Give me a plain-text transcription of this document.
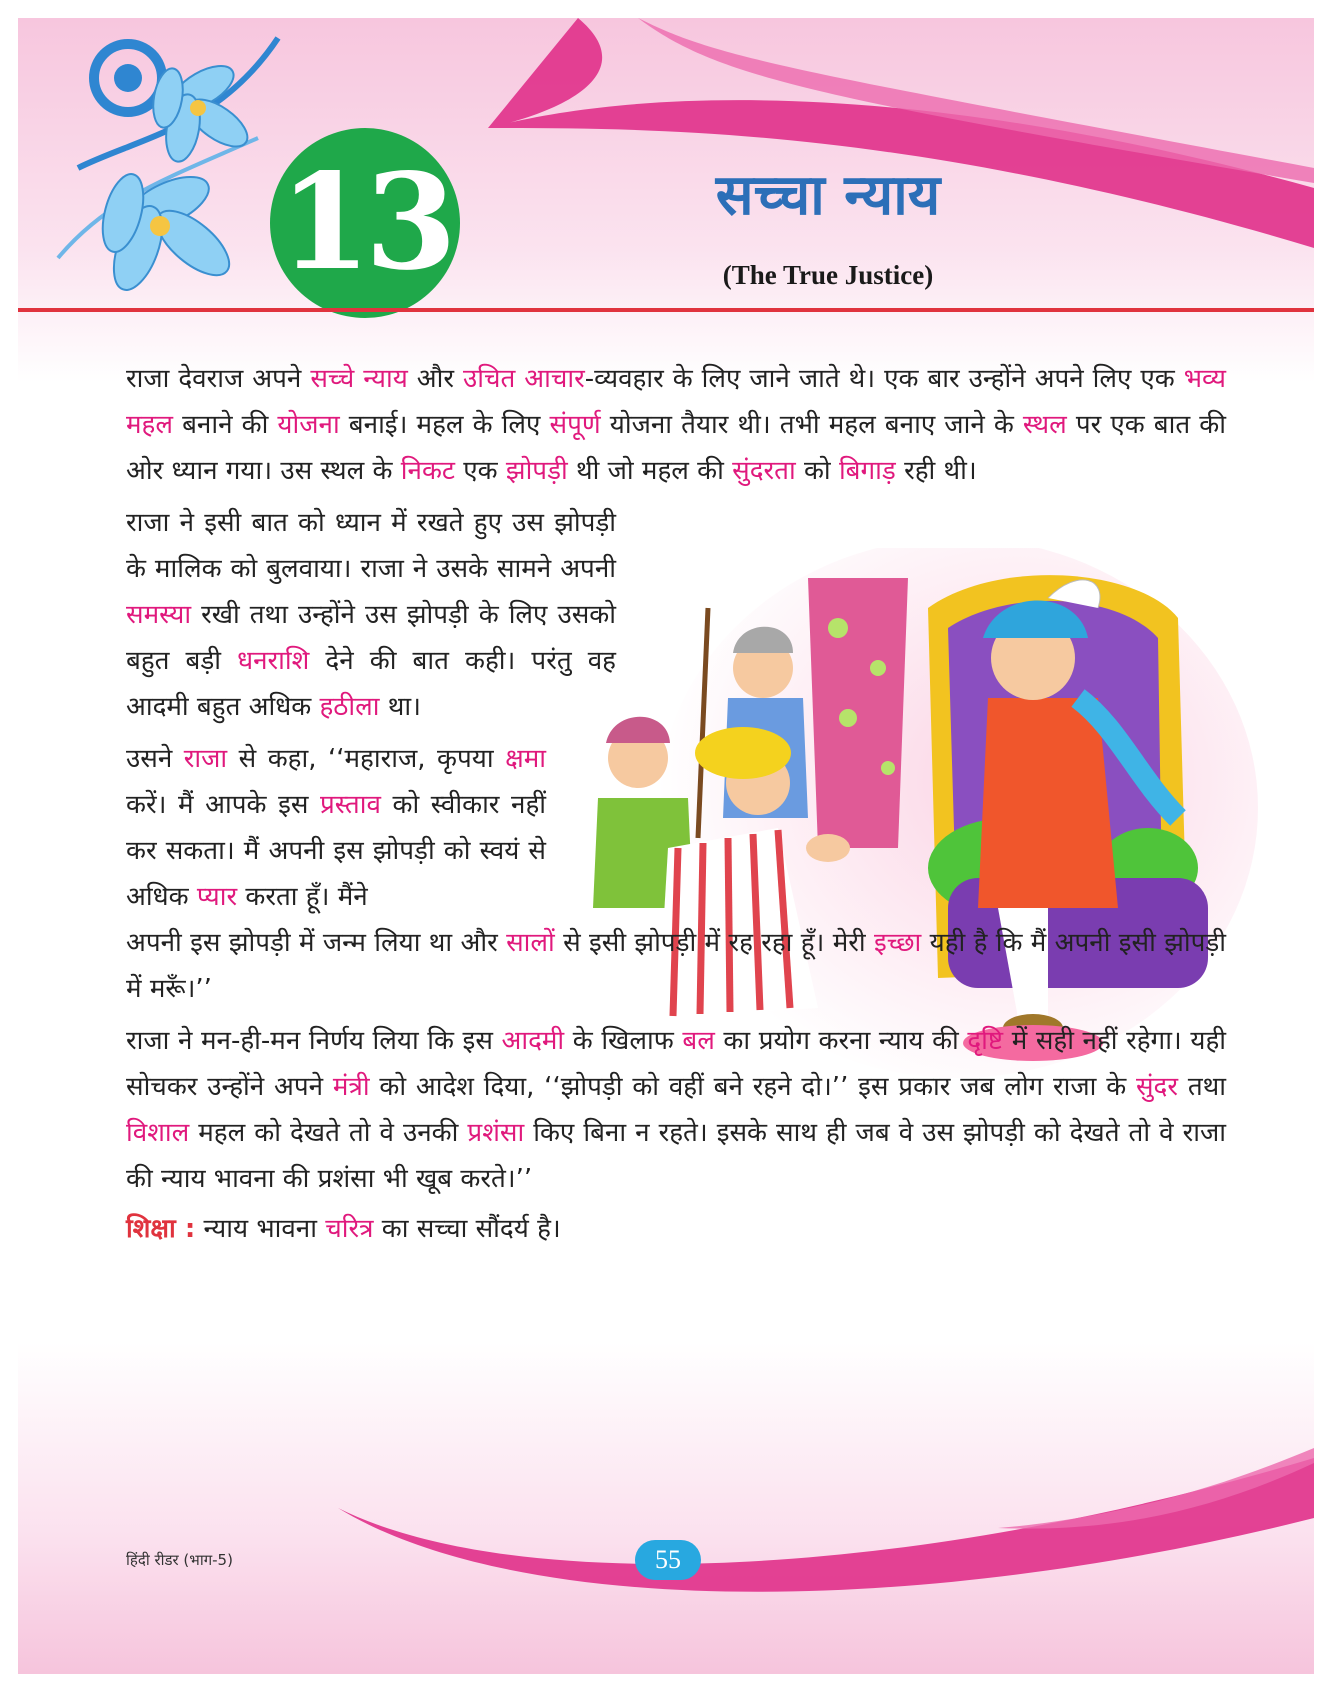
13	सच्चा न्याय
(The True Justice)

राजा देवराज अपने सच्चे न्याय और उचित आचार-व्यवहार के लिए जाने जाते थे। एक बार उन्होंने अपने लिए एक भव्य महल बनाने की योजना बनाई। महल के लिए संपूर्ण योजना तैयार थी। तभी महल बनाए जाने के स्थल पर एक बात की ओर ध्यान गया। उस स्थल के निकट एक झोपड़ी थी जो महल की सुंदरता को बिगाड़ रही थी।

राजा ने इसी बात को ध्यान में रखते हुए उस झोपड़ी के मालिक को बुलवाया। राजा ने उसके सामने अपनी समस्या रखी तथा उन्होंने उस झोपड़ी के लिए उसको बहुत बड़ी धनराशि देने की बात कही। परंतु वह आदमी बहुत अधिक हठीला था।

उसने राजा से कहा, ‘‘महाराज, कृपया क्षमा करें। मैं आपके इस प्रस्ताव को स्वीकार नहीं कर सकता। मैं अपनी इस झोपड़ी को स्वयं से अधिक प्यार करता हूँ। मैंने

अपनी इस झोपड़ी में जन्म लिया था और सालों से इसी झोपड़ी में रह रहा हूँ। मेरी इच्छा यही है कि मैं अपनी इसी झोपड़ी में मरूँ।’’

राजा ने मन-ही-मन निर्णय लिया कि इस आदमी के खिलाफ बल का प्रयोग करना न्याय की दृष्टि में सही नहीं रहेगा। यही सोचकर उन्होंने अपने मंत्री को आदेश दिया, ‘‘झोपड़ी को वहीं बने रहने दो।’’ इस प्रकार जब लोग राजा के सुंदर तथा विशाल महल को देखते तो वे उनकी प्रशंसा किए बिना न रहते। इसके साथ ही जब वे उस झोपड़ी को देखते तो वे राजा की न्याय भावना की प्रशंसा भी खूब करते।’’

शिक्षा : न्याय भावना चरित्र का सच्चा सौंदर्य है।

हिंदी रीडर (भाग-5)	55
